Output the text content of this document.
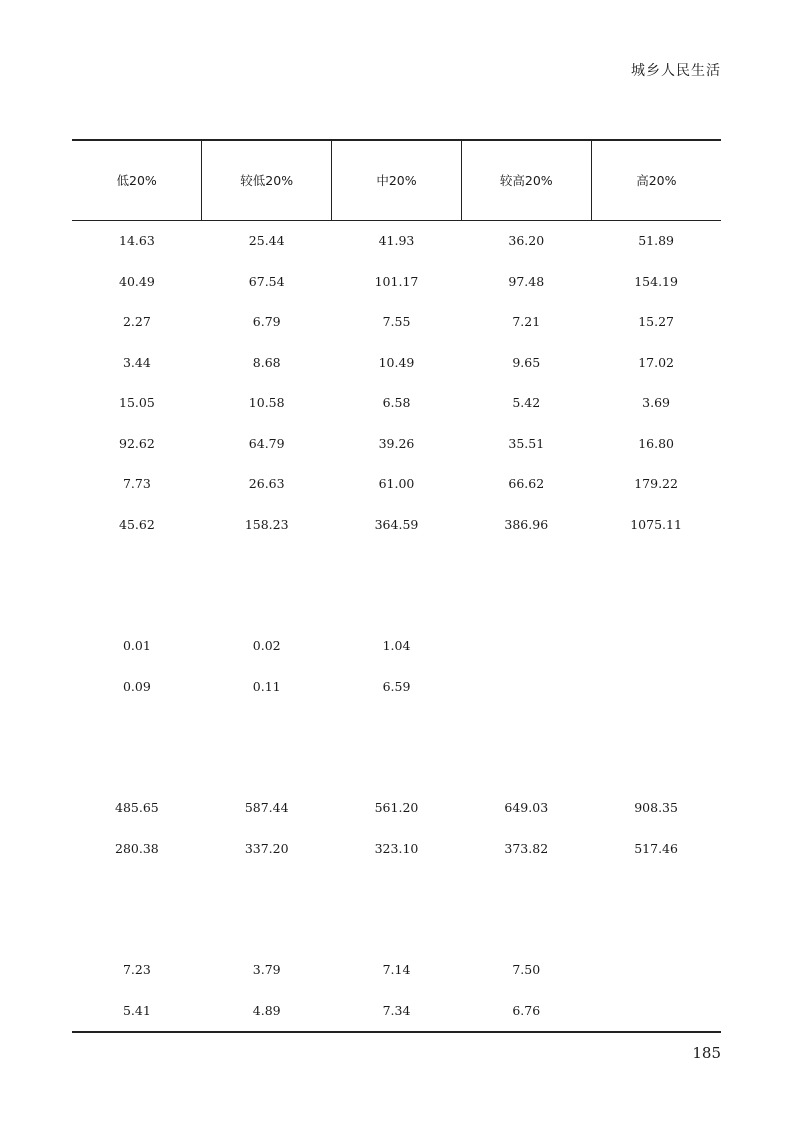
城乡人民生活
低20%	较低20%	中20%	较高20%	高20%
14.63	25.44	41.93	36.20	51.89
40.49	67.54	101.17	97.48	154.19
2.27	6.79	7.55	7.21	15.27
3.44	8.68	10.49	9.65	17.02
15.05	10.58	6.58	5.42	3.69
92.62	64.79	39.26	35.51	16.80
7.73	26.63	61.00	66.62	179.22
45.62	158.23	364.59	386.96	1075.11

0.01	0.02	1.04		
0.09	0.11	6.59		

485.65	587.44	561.20	649.03	908.35
280.38	337.20	323.10	373.82	517.46

7.23	3.79	7.14	7.50	
5.41	4.89	7.34	6.76	
185
